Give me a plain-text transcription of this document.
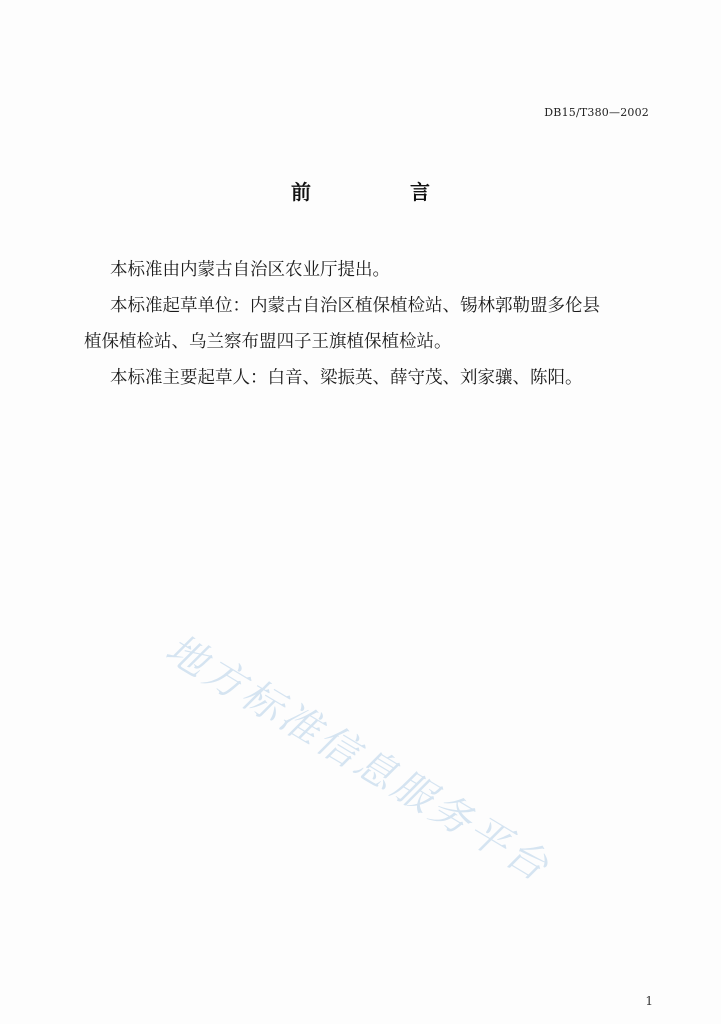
DB15/T380—2002
前 言

本标准由内蒙古自治区农业厅提出。

本标准起草单位：内蒙古自治区植保植检站、锡林郭勒盟多伦县

植保植检站、乌兰察布盟四子王旗植保植检站。

本标准主要起草人：白音、梁振英、薛守茂、刘家骧、陈阳。

地方标准信息服务平台
1
